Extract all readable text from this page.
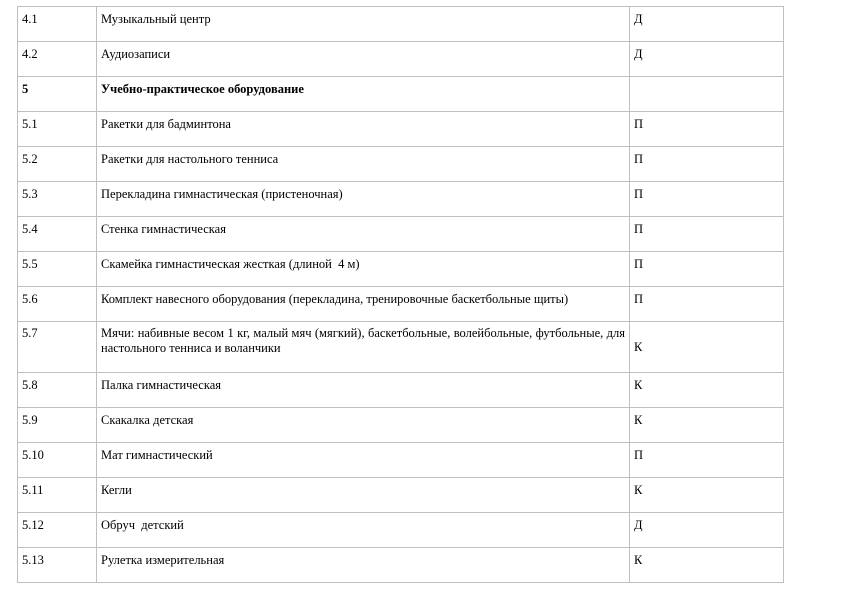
4.1	Музыкальный центр	Д
4.2	Аудиозаписи	Д
5	Учебно-практическое оборудование	
5.1	Ракетки для бадминтона	П
5.2	Ракетки для настольного тенниса	П
5.3	Перекладина гимнастическая (пристеночная)	П
5.4	Стенка гимнастическая	П
5.5	Скамейка гимнастическая жесткая (длиной  4 м)	П
5.6	Комплект навесного оборудования (перекладина, тренировочные баскетбольные щиты)	П
5.7	Мячи: набивные весом 1 кг, малый мяч (мягкий), баскетбольные, волейбольные, футбольные, для настольного тенниса и воланчики	К
5.8	Палка гимнастическая	К
5.9	Скакалка детская	К
5.10	Мат гимнастический	П
5.11	Кегли	К
5.12	Обруч  детский	Д
5.13	Рулетка измерительная	К
